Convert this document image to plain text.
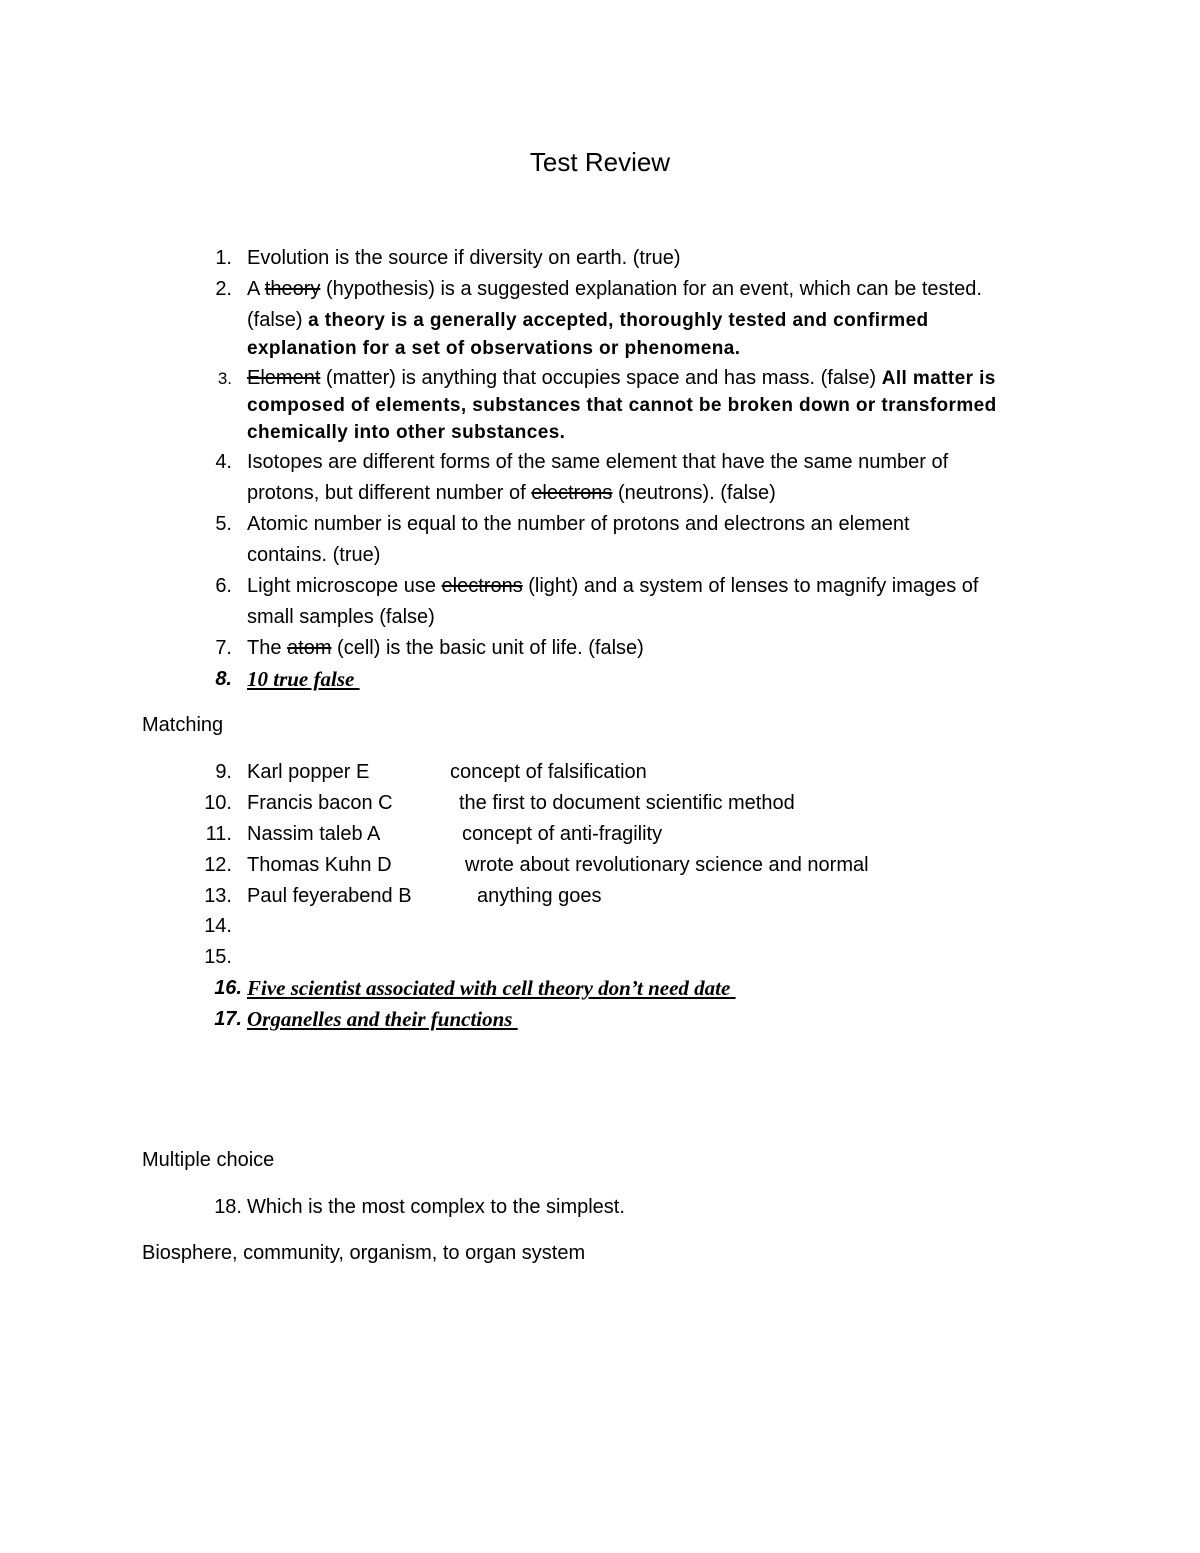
Test Review
1. Evolution is the source if diversity on earth. (true)
2. A theory (hypothesis) is a suggested explanation for an event, which can be tested.
(false) a theory is a generally accepted, thoroughly tested and confirmed
explanation for a set of observations or phenomena.
3. Element (matter) is anything that occupies space and has mass. (false) All matter is
composed of elements, substances that cannot be broken down or transformed
chemically into other substances.
4. Isotopes are different forms of the same element that have the same number of
protons, but different number of electrons (neutrons). (false)
5. Atomic number is equal to the number of protons and electrons an element
contains. (true)
6. Light microscope use electrons (light) and a system of lenses to magnify images of
small samples (false)
7. The atom (cell) is the basic unit of life. (false)
8. 10 true false
Matching
9. Karl popper E	concept of falsification
10. Francis bacon C	the first to document scientific method
11. Nassim taleb A	concept of anti-fragility
12. Thomas Kuhn D	wrote about revolutionary science and normal
13. Paul feyerabend B	anything goes
14.
15.
16. Five scientist associated with cell theory don’t need date
17. Organelles and their functions
Multiple choice
18. Which is the most complex to the simplest.
Biosphere, community, organism, to organ system
